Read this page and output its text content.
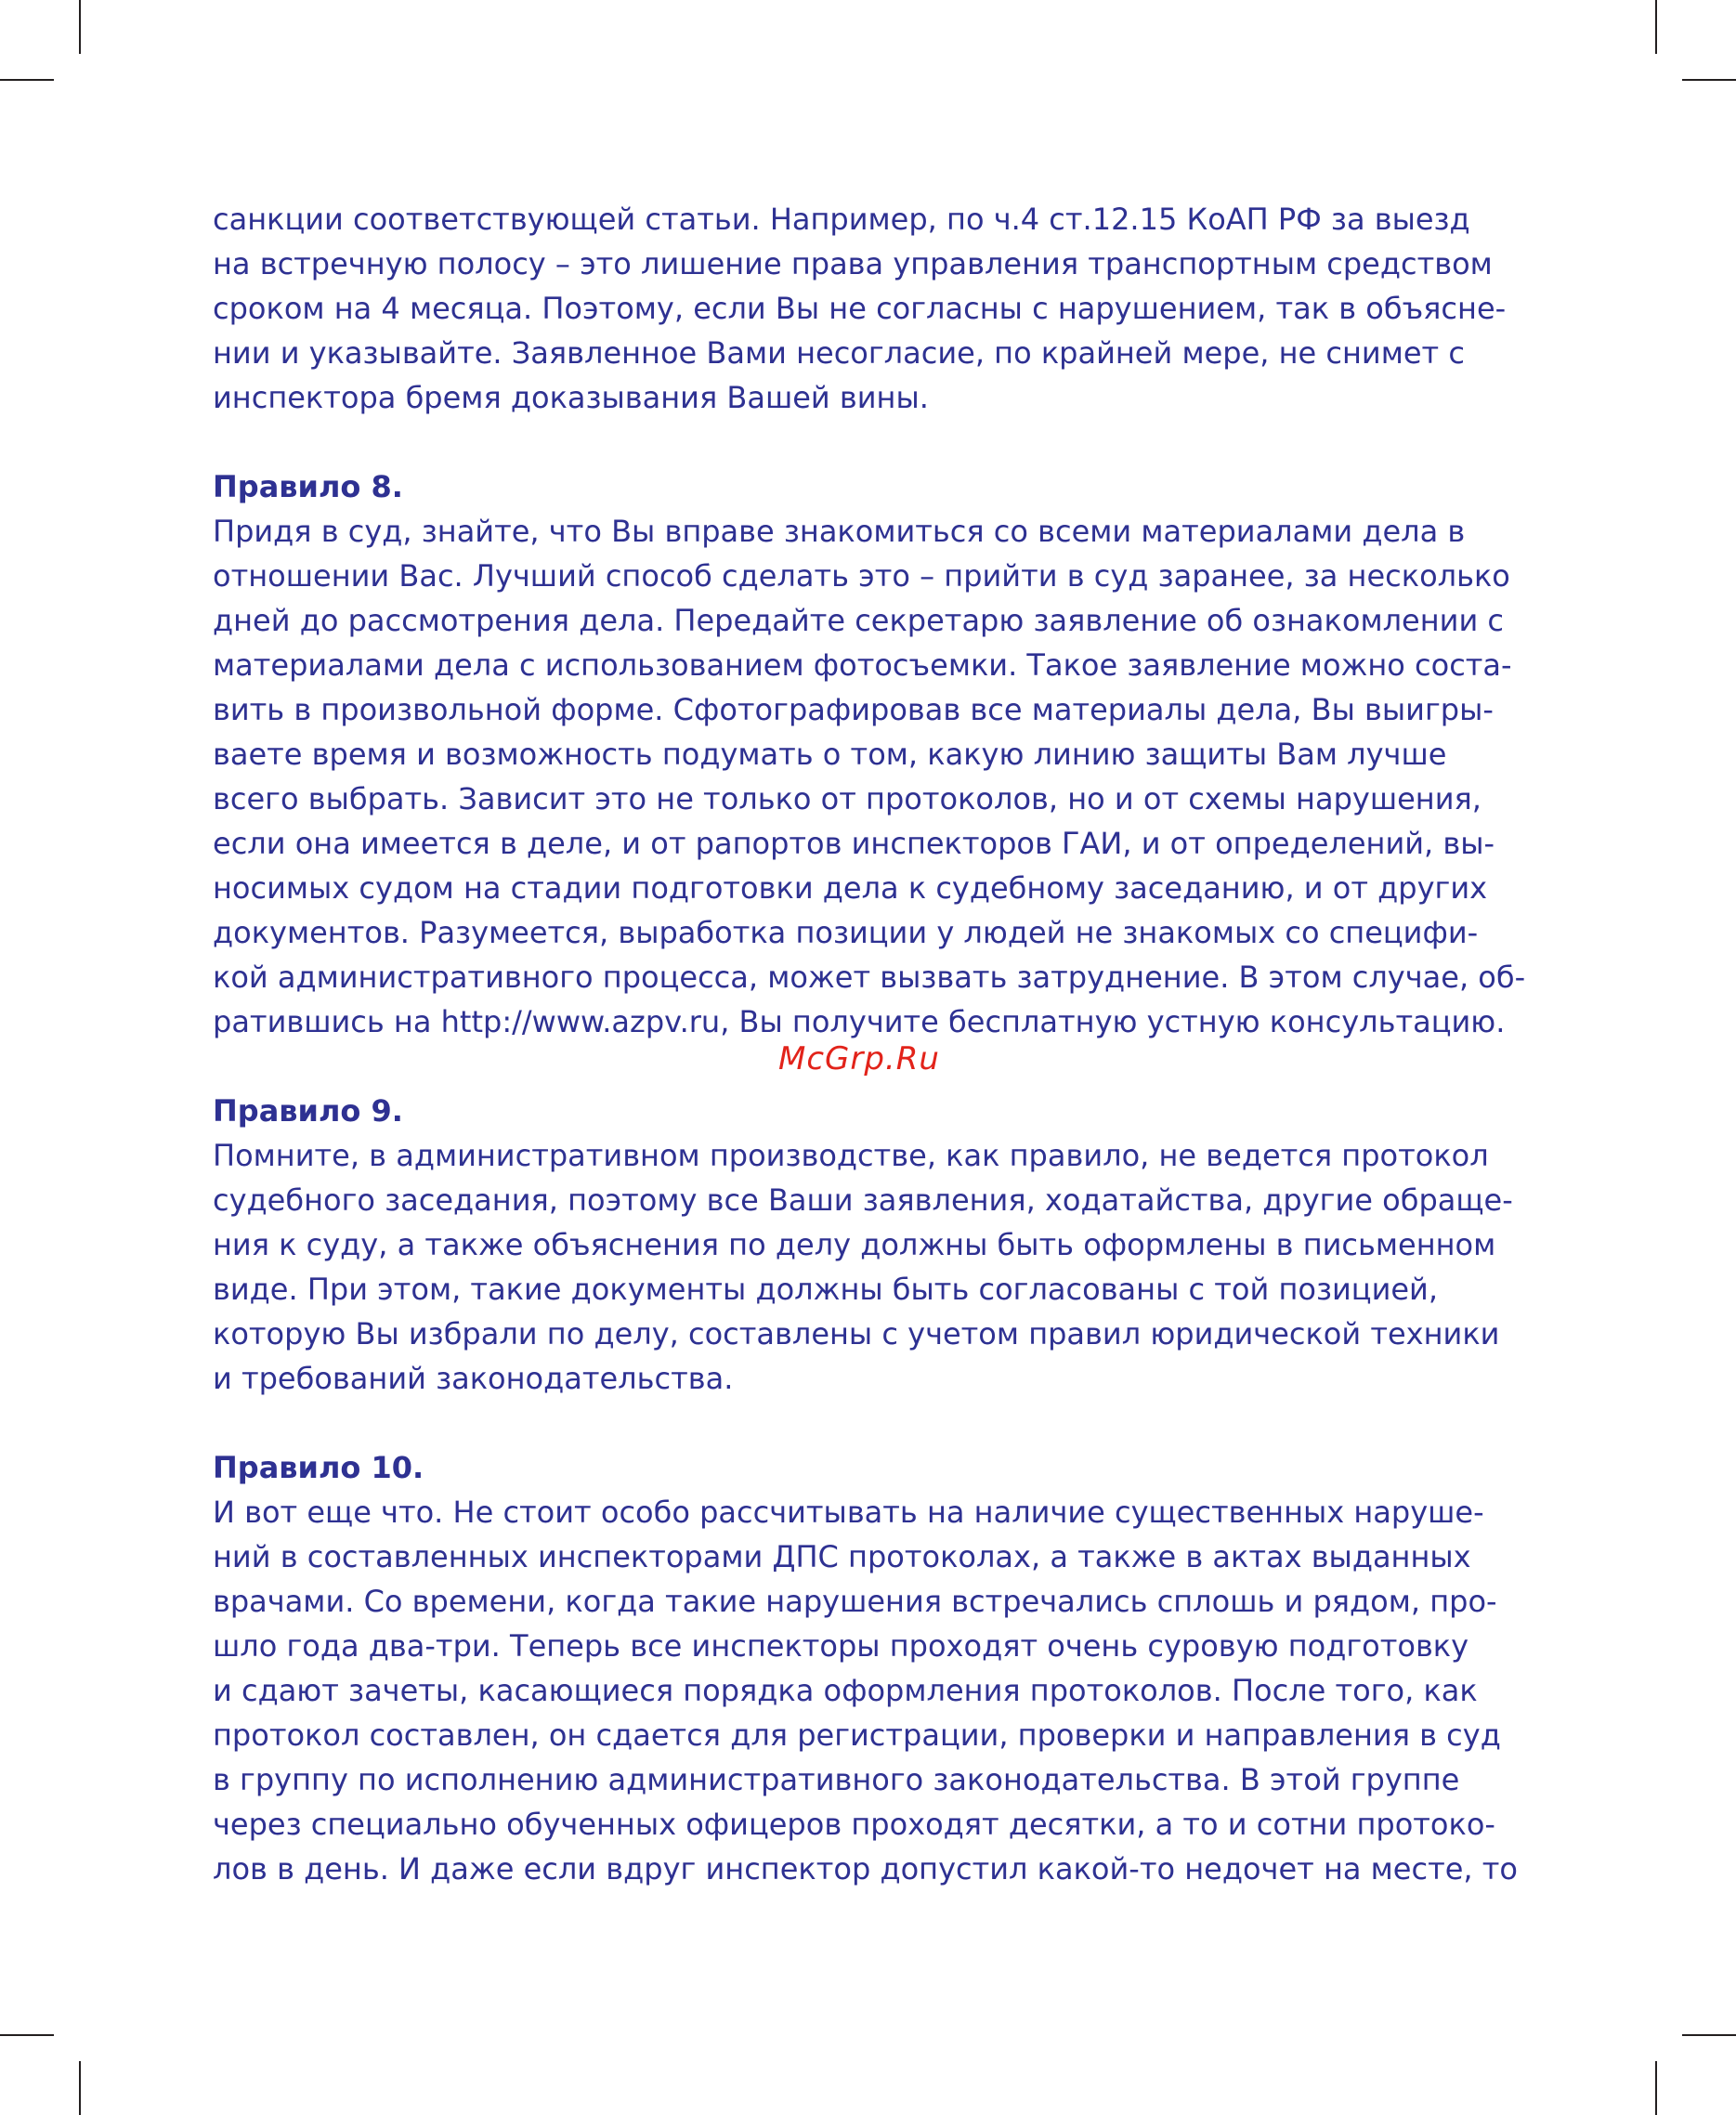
санкции соответствующей статьи. Например, по ч.4 ст.12.15 КоАП РФ за выезд
на встречную полосу – это лишение права управления транспортным средством
сроком на 4 месяца. Поэтому, если Вы не согласны с нарушением, так в объясне-
нии и указывайте. Заявленное Вами несогласие, по крайней мере, не снимет с
инспектора бремя доказывания Вашей вины.
Правило 8.
Придя в суд, знайте, что Вы вправе знакомиться со всеми материалами дела в
отношении Вас. Лучший способ сделать это – прийти в суд заранее, за несколько
дней до рассмотрения дела. Передайте секретарю заявление об ознакомлении с
материалами дела с использованием фотосъемки. Такое заявление можно соста-
вить в произвольной форме. Сфотографировав все материалы дела, Вы выигры-
ваете время и возможность подумать о том, какую линию защиты Вам лучше
всего выбрать. Зависит это не только от протоколов, но и от схемы нарушения,
если она имеется в деле, и от рапортов инспекторов ГАИ, и от определений, вы-
носимых судом на стадии подготовки дела к судебному заседанию, и от других
документов. Разумеется, выработка позиции у людей не знакомых со специфи-
кой административного процесса, может вызвать затруднение. В этом случае, об-
ратившись на http://www.azpv.ru, Вы получите бесплатную устную консультацию.
Правило 9.
Помните, в административном производстве, как правило, не ведется протокол
судебного заседания, поэтому все Ваши заявления, ходатайства, другие обраще-
ния к суду, а также объяснения по делу должны быть оформлены в письменном
виде. При этом, такие документы должны быть согласованы с той позицией,
которую Вы избрали по делу, составлены с учетом правил юридической техники
и требований законодательства.
Правило 10.
И вот еще что. Не стоит особо рассчитывать на наличие существенных наруше-
ний в составленных инспекторами ДПС протоколах, а также в актах выданных
врачами. Со времени, когда такие нарушения встречались сплошь и рядом, про-
шло года два-три. Теперь все инспекторы проходят очень суровую подготовку
и сдают зачеты, касающиеся порядка оформления протоколов. После того, как
протокол составлен, он сдается для регистрации, проверки и направления в суд
в группу по исполнению административного законодательства. В этой группе
через специально обученных офицеров проходят десятки, а то и сотни протоко-
лов в день. И даже если вдруг инспектор допустил какой-то недочет на месте, то
McGrp.Ru
